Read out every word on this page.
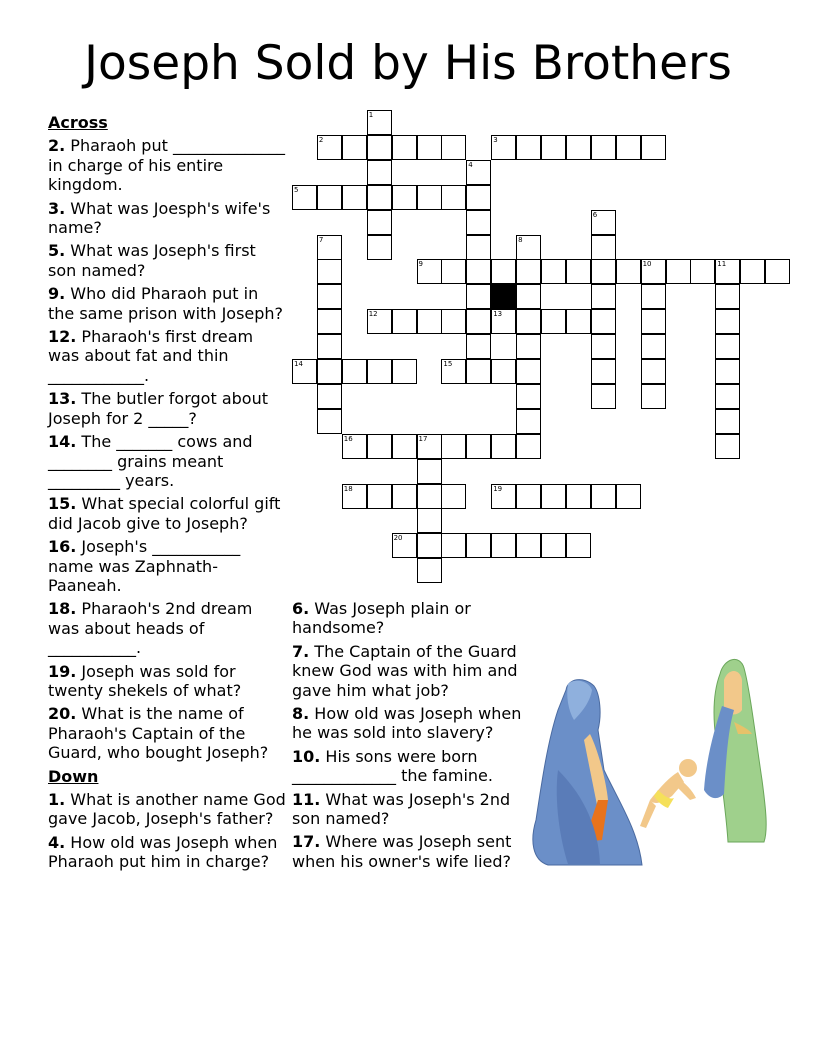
Joseph Sold by His Brothers
Across
2. Pharaoh put ______________ in charge of his entire kingdom.
3. What was Joesph's wife's name?
5. What was Joseph's first son named?
9. Who did Pharaoh put in the same prison with Joseph?
12. Pharaoh's first dream was about fat and thin ____________.
13. The butler forgot about Joseph for 2 _____?
14. The _______ cows and ________ grains meant _________ years.
15. What special colorful gift did Jacob give to Joseph?
16. Joseph's ___________ name was Zaphnath-Paaneah.
18. Pharaoh's 2nd dream was about heads of ___________.
19. Joseph was sold for twenty shekels of what?
20. What is the name of Pharaoh's Captain of the Guard, who bought Joseph?
Down
1. What is another name God gave Jacob, Joseph's father?
4. How old was Joseph when Pharaoh put him in charge?
6. Was Joseph plain or handsome?
7. The Captain of the Guard knew God was with him and gave him what job?
8. How old was Joseph when he was sold into slavery?
10. His sons were born _____________ the famine.
11. What was Joseph's 2nd son named?
17. Where was Joseph sent when his owner's wife lied?
1
2	3
4
5
6
7	8
9	10	11
12	13
14	15
16	17
18	19
20
